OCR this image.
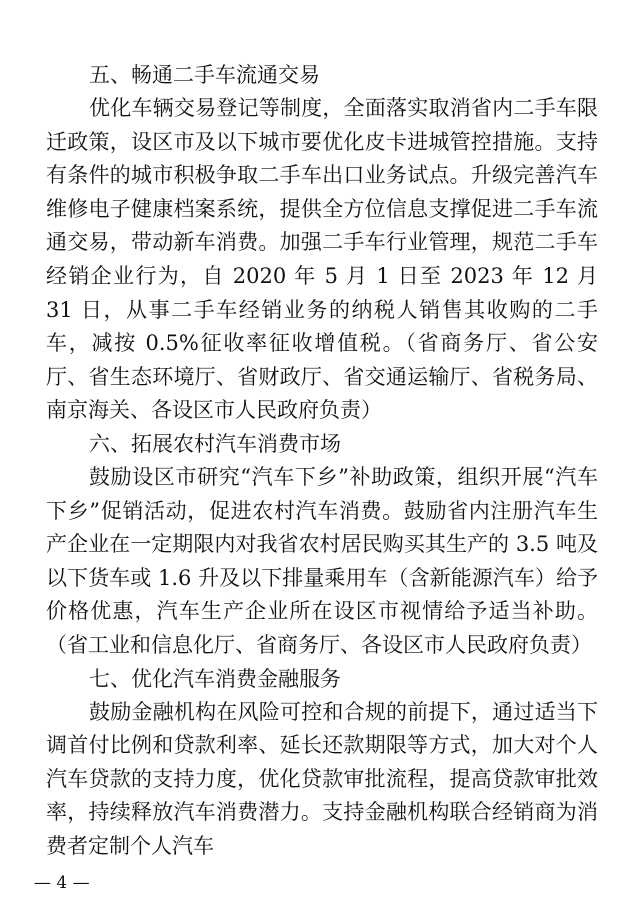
五、畅通二手车流通交易

优化车辆交易登记等制度，全面落实取消省内二手车限迁政策，设区市及以下城市要优化皮卡进城管控措施。支持有条件的城市积极争取二手车出口业务试点。升级完善汽车维修电子健康档案系统，提供全方位信息支撑促进二手车流通交易，带动新车消费。加强二手车行业管理，规范二手车经销企业行为，自 2020 年 5 月 1 日至 2023 年 12 月 31 日，从事二手车经销业务的纳税人销售其收购的二手车，减按 0.5%征收率征收增值税。（省商务厅、省公安厅、省生态环境厅、省财政厅、省交通运输厅、省税务局、南京海关、各设区市人民政府负责）

六、拓展农村汽车消费市场

鼓励设区市研究“汽车下乡”补助政策，组织开展“汽车下乡”促销活动，促进农村汽车消费。鼓励省内注册汽车生产企业在一定期限内对我省农村居民购买其生产的 3.5 吨及以下货车或 1.6 升及以下排量乘用车（含新能源汽车）给予价格优惠，汽车生产企业所在设区市视情给予适当补助。（省工业和信息化厅、省商务厅、各设区市人民政府负责）

七、优化汽车消费金融服务

鼓励金融机构在风险可控和合规的前提下，通过适当下调首付比例和贷款利率、延长还款期限等方式，加大对个人汽车贷款的支持力度，优化贷款审批流程，提高贷款审批效率，持续释放汽车消费潜力。支持金融机构联合经销商为消费者定制个人汽车

— 4 —
